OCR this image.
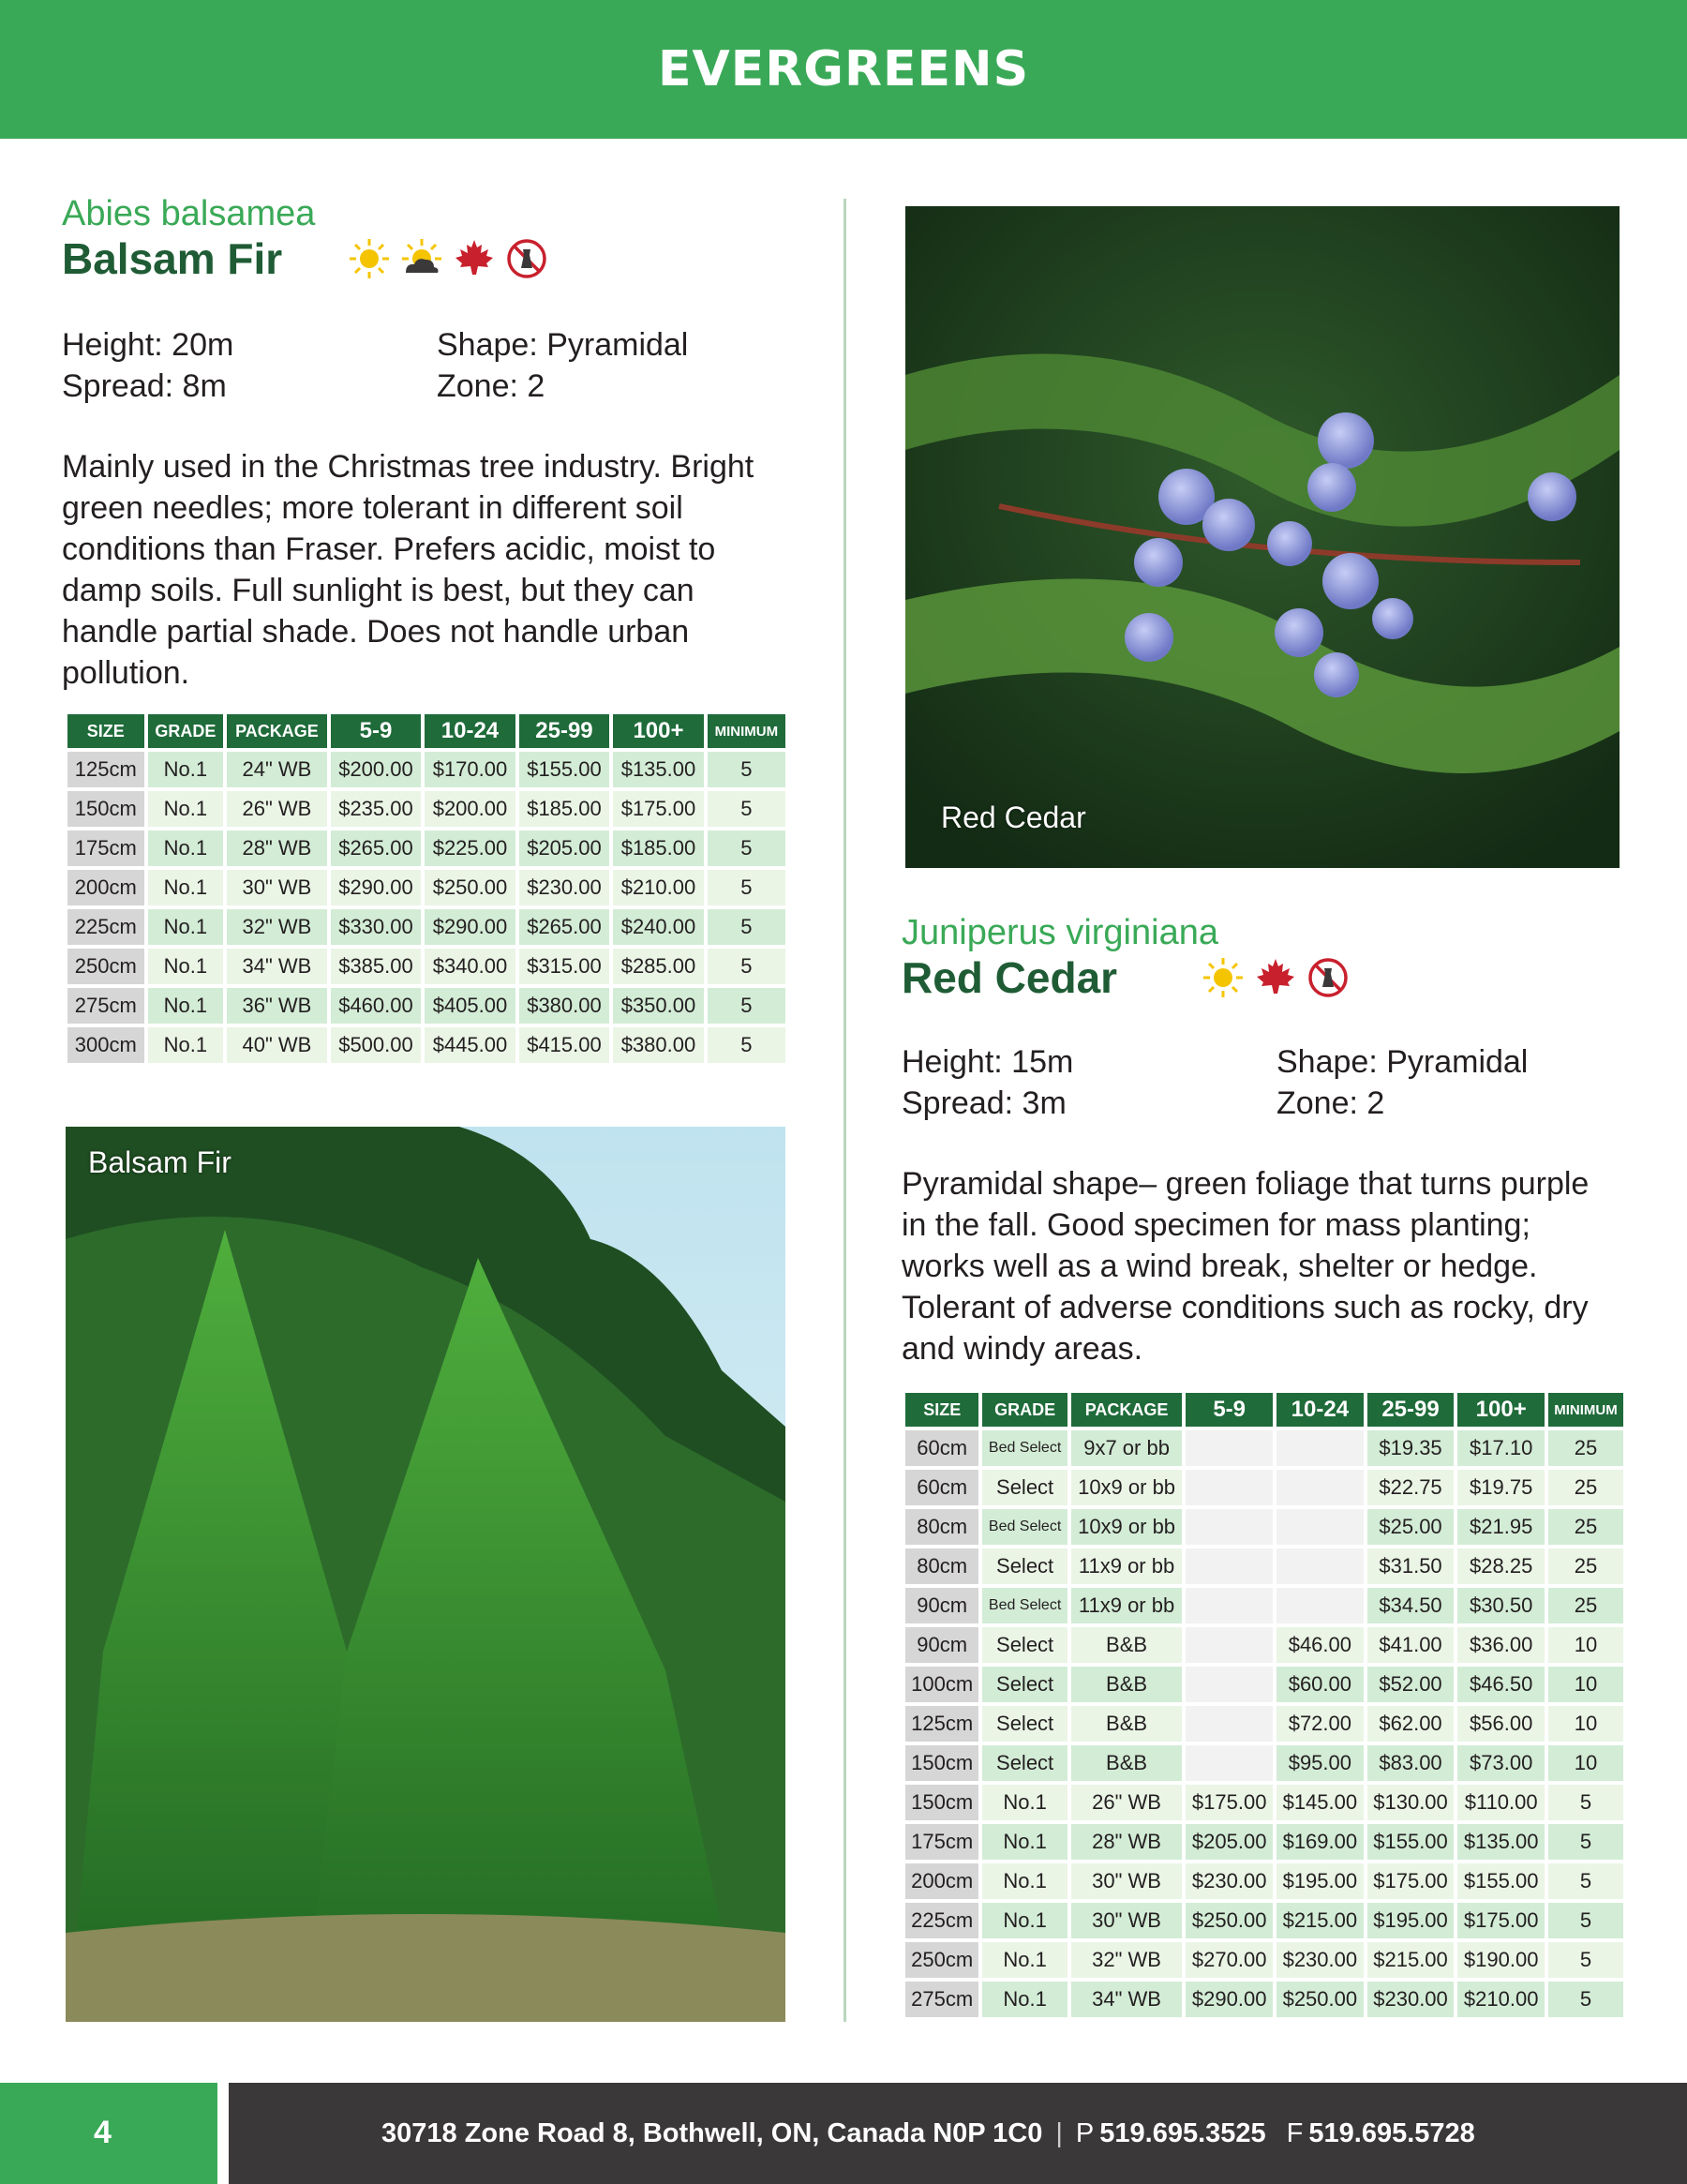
EVERGREENS
Abies balsamea
Balsam Fir
Height: 20m	Shape: Pyramidal
Spread: 8m	Zone: 2
Mainly used in the Christmas tree industry. Bright green needles; more tolerant in different soil conditions than Fraser. Prefers acidic, moist to damp soils. Full sunlight is best, but they can handle partial shade. Does not handle urban pollution.
SIZE	GRADE	PACKAGE	5-9	10-24	25-99	100+	MINIMUM
125cm	No.1	24" WB	$200.00	$170.00	$155.00	$135.00	5
150cm	No.1	26" WB	$235.00	$200.00	$185.00	$175.00	5
175cm	No.1	28" WB	$265.00	$225.00	$205.00	$185.00	5
200cm	No.1	30" WB	$290.00	$250.00	$230.00	$210.00	5
225cm	No.1	32" WB	$330.00	$290.00	$265.00	$240.00	5
250cm	No.1	34" WB	$385.00	$340.00	$315.00	$285.00	5
275cm	No.1	36" WB	$460.00	$405.00	$380.00	$350.00	5
300cm	No.1	40" WB	$500.00	$445.00	$415.00	$380.00	5
Balsam Fir
Red Cedar
Juniperus virginiana
Red Cedar
Height: 15m	Shape: Pyramidal
Spread: 3m	Zone: 2
Pyramidal shape– green foliage that turns purple in the fall. Good specimen for mass planting; works well as a wind break, shelter or hedge. Tolerant of adverse conditions such as rocky, dry and windy areas.
SIZE	GRADE	PACKAGE	5-9	10-24	25-99	100+	MINIMUM
60cm	Bed Select	9x7 or bb			$19.35	$17.10	25
60cm	Select	10x9 or bb			$22.75	$19.75	25
80cm	Bed Select	10x9 or bb			$25.00	$21.95	25
80cm	Select	11x9 or bb			$31.50	$28.25	25
90cm	Bed Select	11x9 or bb			$34.50	$30.50	25
90cm	Select	B&B		$46.00	$41.00	$36.00	10
100cm	Select	B&B		$60.00	$52.00	$46.50	10
125cm	Select	B&B		$72.00	$62.00	$56.00	10
150cm	Select	B&B		$95.00	$83.00	$73.00	10
150cm	No.1	26" WB	$175.00	$145.00	$130.00	$110.00	5
175cm	No.1	28" WB	$205.00	$169.00	$155.00	$135.00	5
200cm	No.1	30" WB	$230.00	$195.00	$175.00	$155.00	5
225cm	No.1	30" WB	$250.00	$215.00	$195.00	$175.00	5
250cm	No.1	32" WB	$270.00	$230.00	$215.00	$190.00	5
275cm	No.1	34" WB	$290.00	$250.00	$230.00	$210.00	5
4	30718 Zone Road 8, Bothwell, ON, Canada N0P 1C0 | P 519.695.3525 F 519.695.5728
